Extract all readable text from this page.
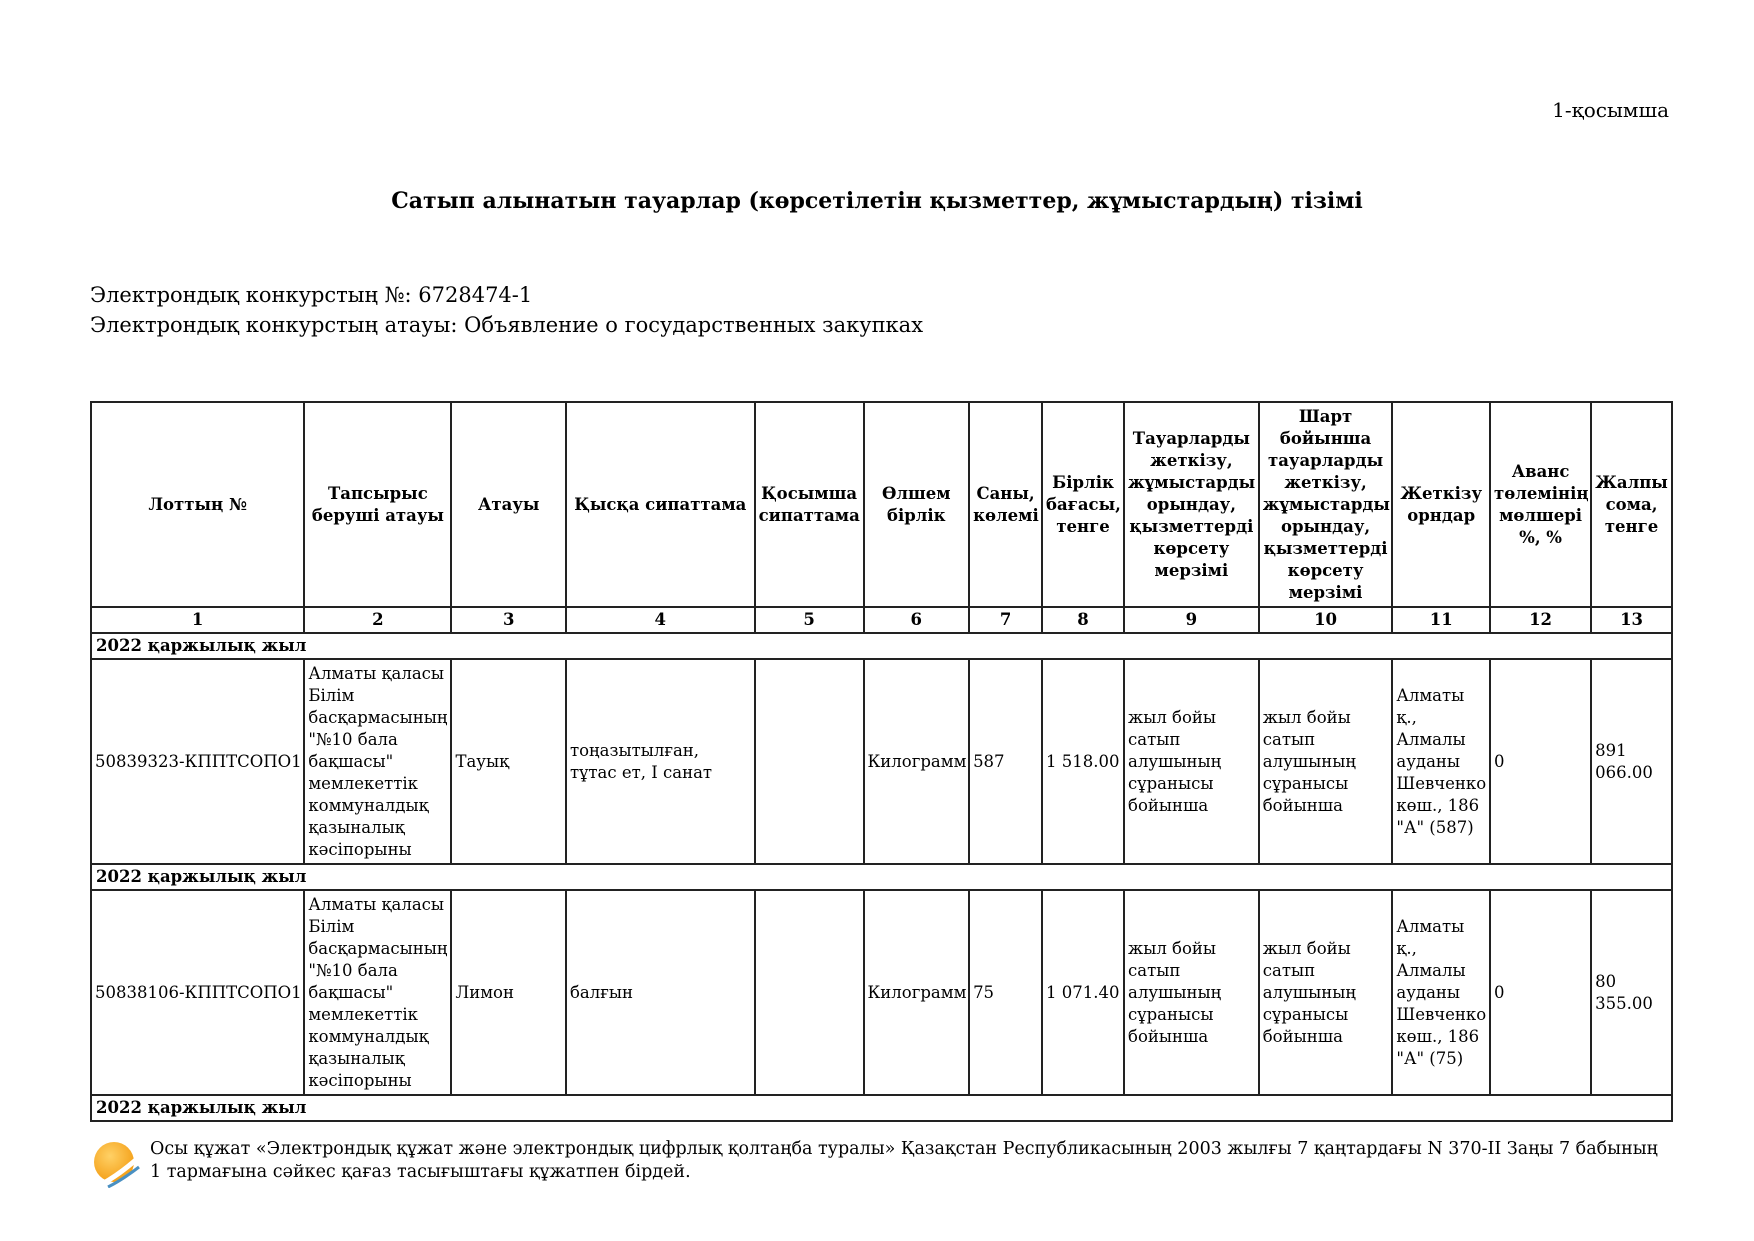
1-қосымша
Сатып алынатын тауарлар (көрсетілетін қызметтер, жұмыстардың) тізімі
Электрондық конкурстың №: 6728474-1
Электрондық конкурстың атауы: Объявление о государственных закупках
Лоттың №	Тапсырыс беруші атауы	Атауы	Қысқа сипаттама	Қосымша сипаттама	Өлшем бірлік	Саны, көлемі	Бірлік бағасы, тенге	Тауарларды жеткізу, жұмыстарды орындау, қызметтерді көрсету мерзімі	Шарт бойынша тауарларды жеткізу, жұмыстарды орындау, қызметтерді көрсету мерзімі	Жеткізу орндар	Аванс төлемінің мөлшері %, %	Жалпы сома, тенге
1	2	3	4	5	6	7	8	9	10	11	12	13
2022 қаржылық жыл												
50839323-КППТСОПО1	Алматы қаласы Білім басқармасының "№10 бала бақшасы" мемлекеттік коммуналдық қазыналық кәсіпорыны	Тауық	тоңазытылған, тұтас ет, I санат		Килограмм	587	1 518.00	жыл бойы сатып алушының сұранысы бойынша	жыл бойы сатып алушының сұранысы бойынша	Алматы қ., Алмалы ауданы Шевченко көш., 186 "А" (587)	0	891 066.00
2022 қаржылық жыл												
50838106-КППТСОПО1	Алматы қаласы Білім басқармасының "№10 бала бақшасы" мемлекеттік коммуналдық қазыналық кәсіпорыны	Лимон	балғын		Килограмм	75	1 071.40	жыл бойы сатып алушының сұранысы бойынша	жыл бойы сатып алушының сұранысы бойынша	Алматы қ., Алмалы ауданы Шевченко көш., 186 "А" (75)	0	80 355.00
2022 қаржылық жыл												
Осы құжат «Электрондық құжат және электрондық цифрлық қолтаңба туралы» Қазақстан Республикасының 2003 жылғы 7 қаңтардағы N 370-II Заңы 7 бабының 1 тармағына сәйкес қағаз тасығыштағы құжатпен бірдей.
